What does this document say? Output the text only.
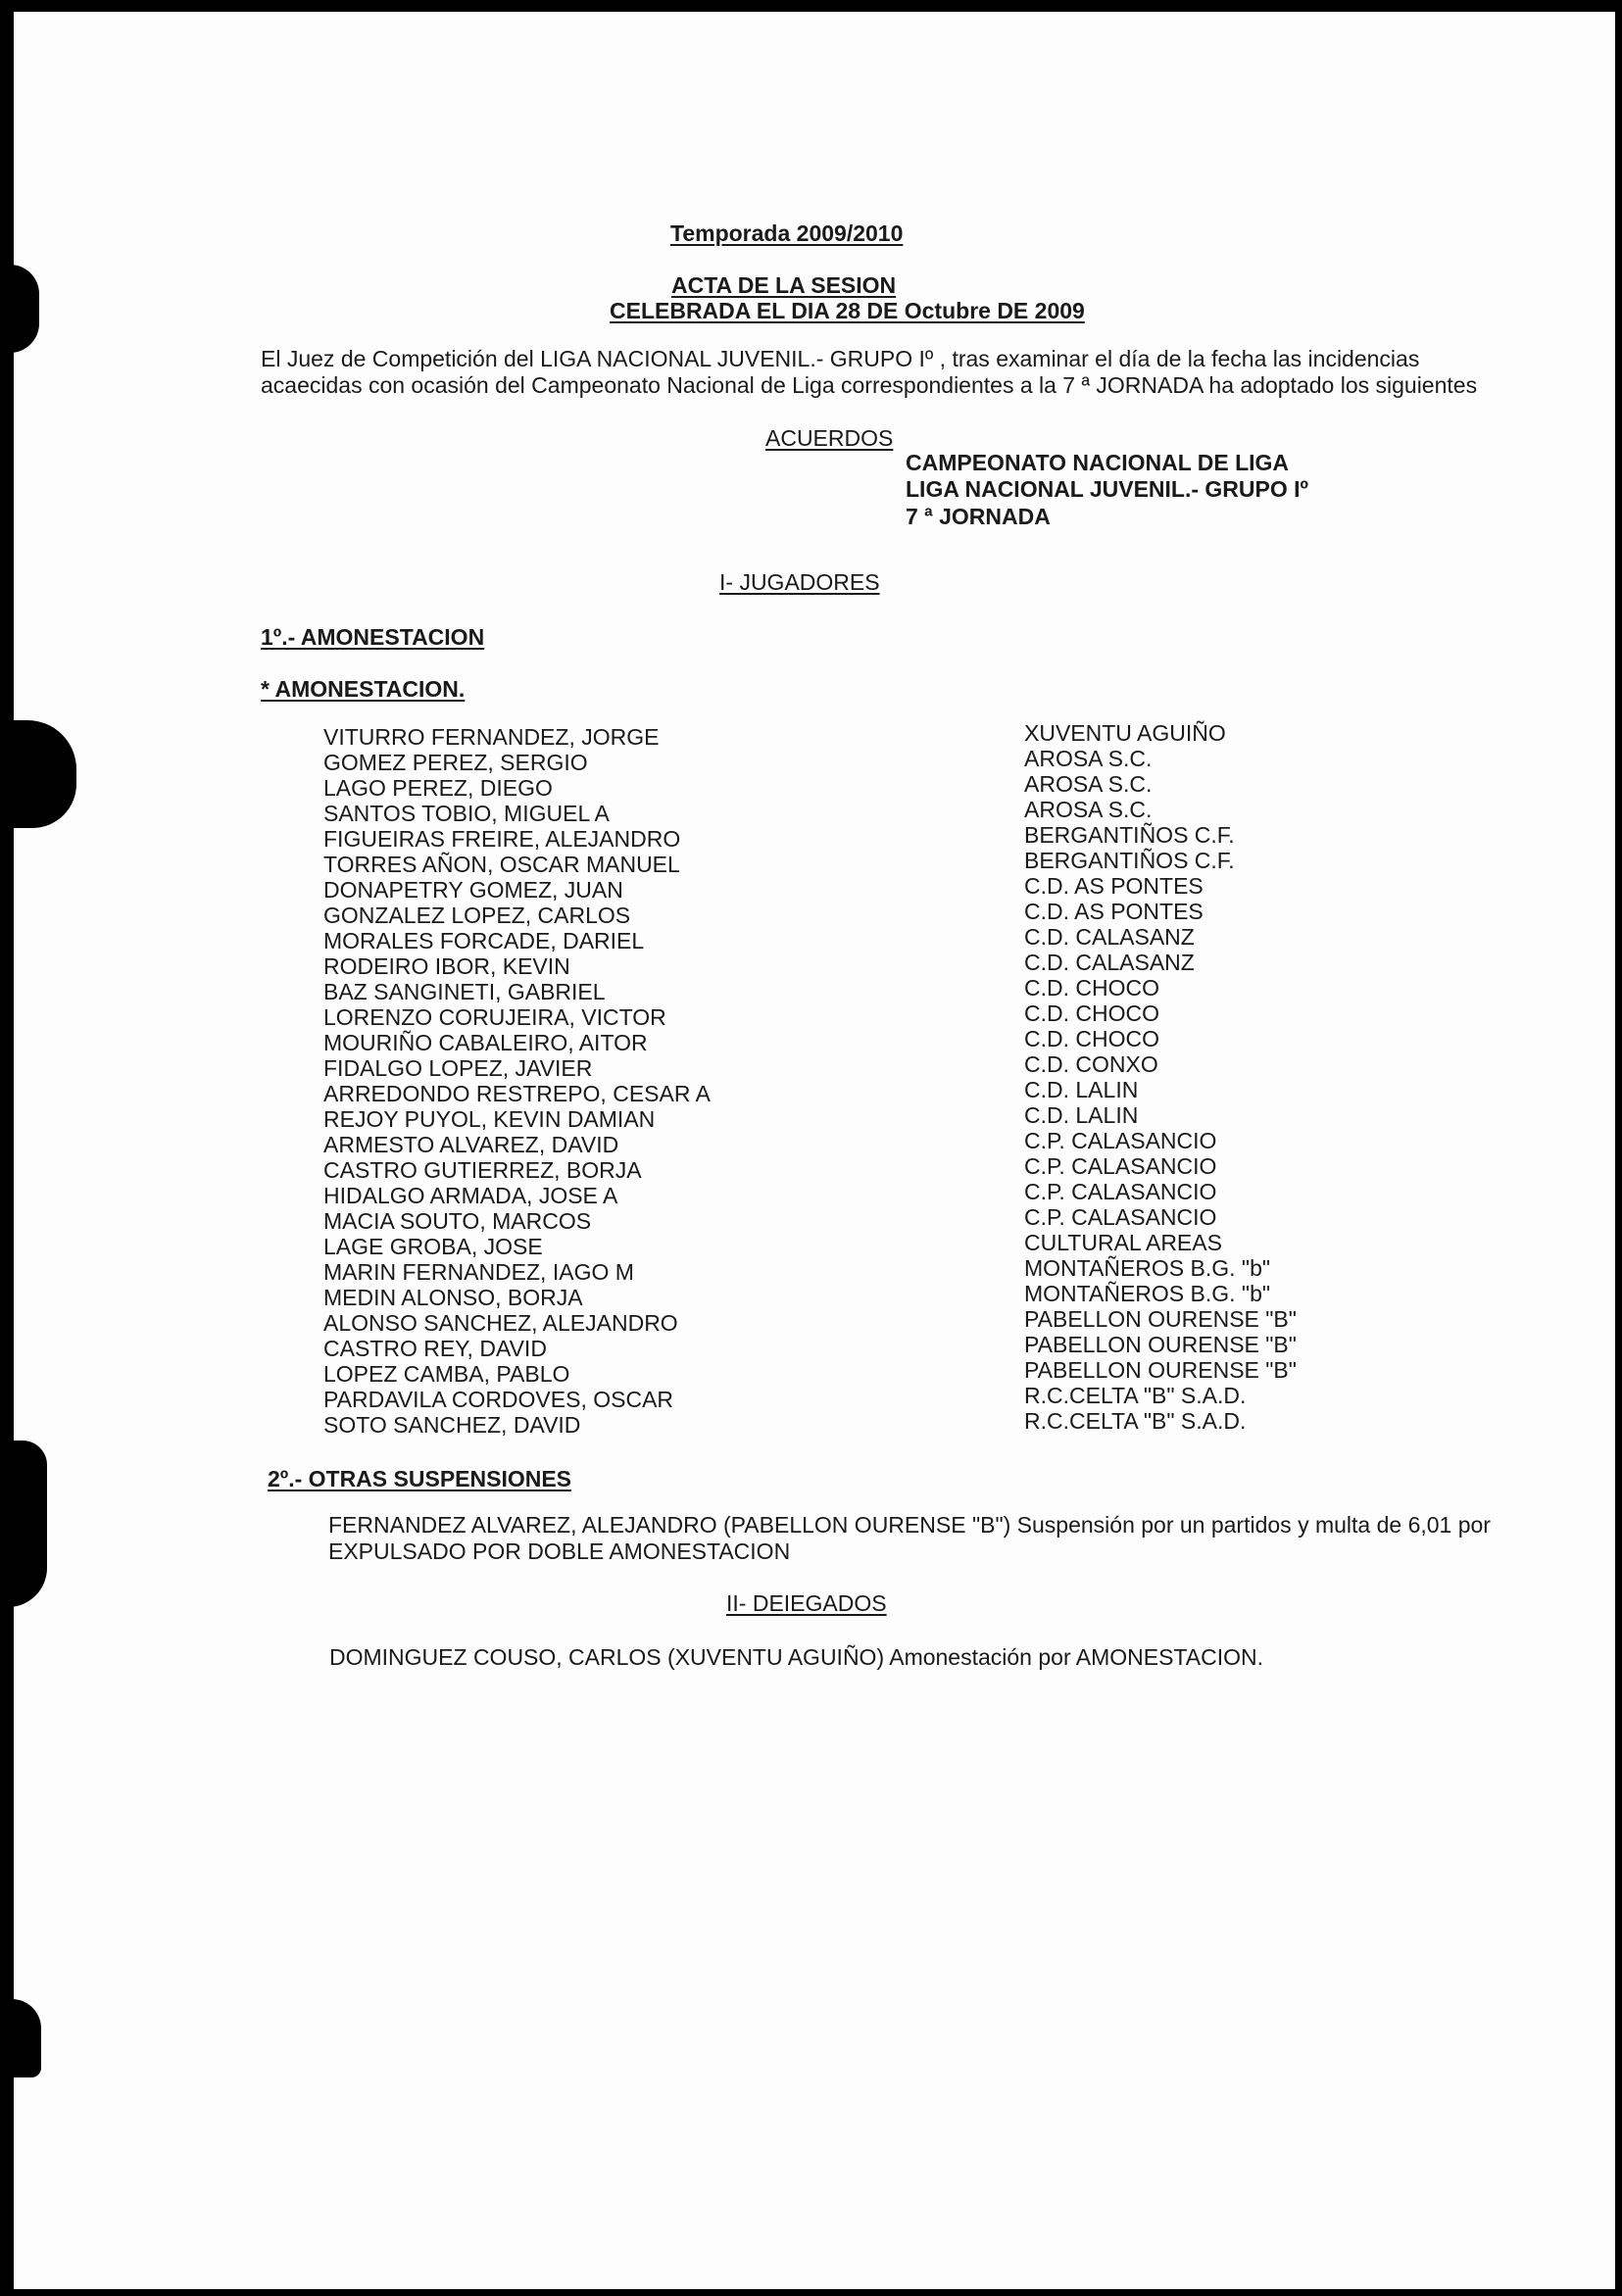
Temporada 2009/2010
ACTA DE LA SESION
CELEBRADA EL DIA 28 DE Octubre DE 2009
El Juez de Competición del LIGA NACIONAL JUVENIL.- GRUPO Iº , tras examinar el día de la fecha las incidencias
acaecidas con ocasión del Campeonato Nacional de Liga correspondientes a la 7 ª JORNADA ha adoptado los siguientes
ACUERDOS
CAMPEONATO NACIONAL DE LIGA
LIGA NACIONAL JUVENIL.- GRUPO Iº
7 ª JORNADA
I- JUGADORES
1º.- AMONESTACION
* AMONESTACION.
VITURRO FERNANDEZ, JORGE
GOMEZ PEREZ, SERGIO
LAGO PEREZ, DIEGO
SANTOS TOBIO, MIGUEL A
FIGUEIRAS FREIRE, ALEJANDRO
TORRES AÑON, OSCAR MANUEL
DONAPETRY GOMEZ, JUAN
GONZALEZ LOPEZ, CARLOS
MORALES FORCADE, DARIEL
RODEIRO IBOR, KEVIN
BAZ SANGINETI, GABRIEL
LORENZO CORUJEIRA, VICTOR
MOURIÑO CABALEIRO, AITOR
FIDALGO LOPEZ, JAVIER
ARREDONDO RESTREPO, CESAR A
REJOY PUYOL, KEVIN DAMIAN
ARMESTO ALVAREZ, DAVID
CASTRO GUTIERREZ, BORJA
HIDALGO ARMADA, JOSE A
MACIA SOUTO, MARCOS
LAGE GROBA, JOSE
MARIN FERNANDEZ, IAGO M
MEDIN ALONSO, BORJA
ALONSO SANCHEZ, ALEJANDRO
CASTRO REY, DAVID
LOPEZ CAMBA, PABLO
PARDAVILA CORDOVES, OSCAR
SOTO SANCHEZ, DAVID
XUVENTU AGUIÑO
AROSA S.C.
AROSA S.C.
AROSA S.C.
BERGANTIÑOS C.F.
BERGANTIÑOS C.F.
C.D. AS PONTES
C.D. AS PONTES
C.D. CALASANZ
C.D. CALASANZ
C.D. CHOCO
C.D. CHOCO
C.D. CHOCO
C.D. CONXO
C.D. LALIN
C.D. LALIN
C.P. CALASANCIO
C.P. CALASANCIO
C.P. CALASANCIO
C.P. CALASANCIO
CULTURAL AREAS
MONTAÑEROS B.G. "b"
MONTAÑEROS B.G. "b"
PABELLON OURENSE "B"
PABELLON OURENSE "B"
PABELLON OURENSE "B"
R.C.CELTA "B" S.A.D.
R.C.CELTA "B" S.A.D.
2º.- OTRAS SUSPENSIONES
FERNANDEZ ALVAREZ, ALEJANDRO (PABELLON OURENSE "B") Suspensión por un partidos y multa de 6,01 por
EXPULSADO POR DOBLE AMONESTACION
II- DEIEGADOS
DOMINGUEZ COUSO, CARLOS (XUVENTU AGUIÑO) Amonestación por AMONESTACION.
